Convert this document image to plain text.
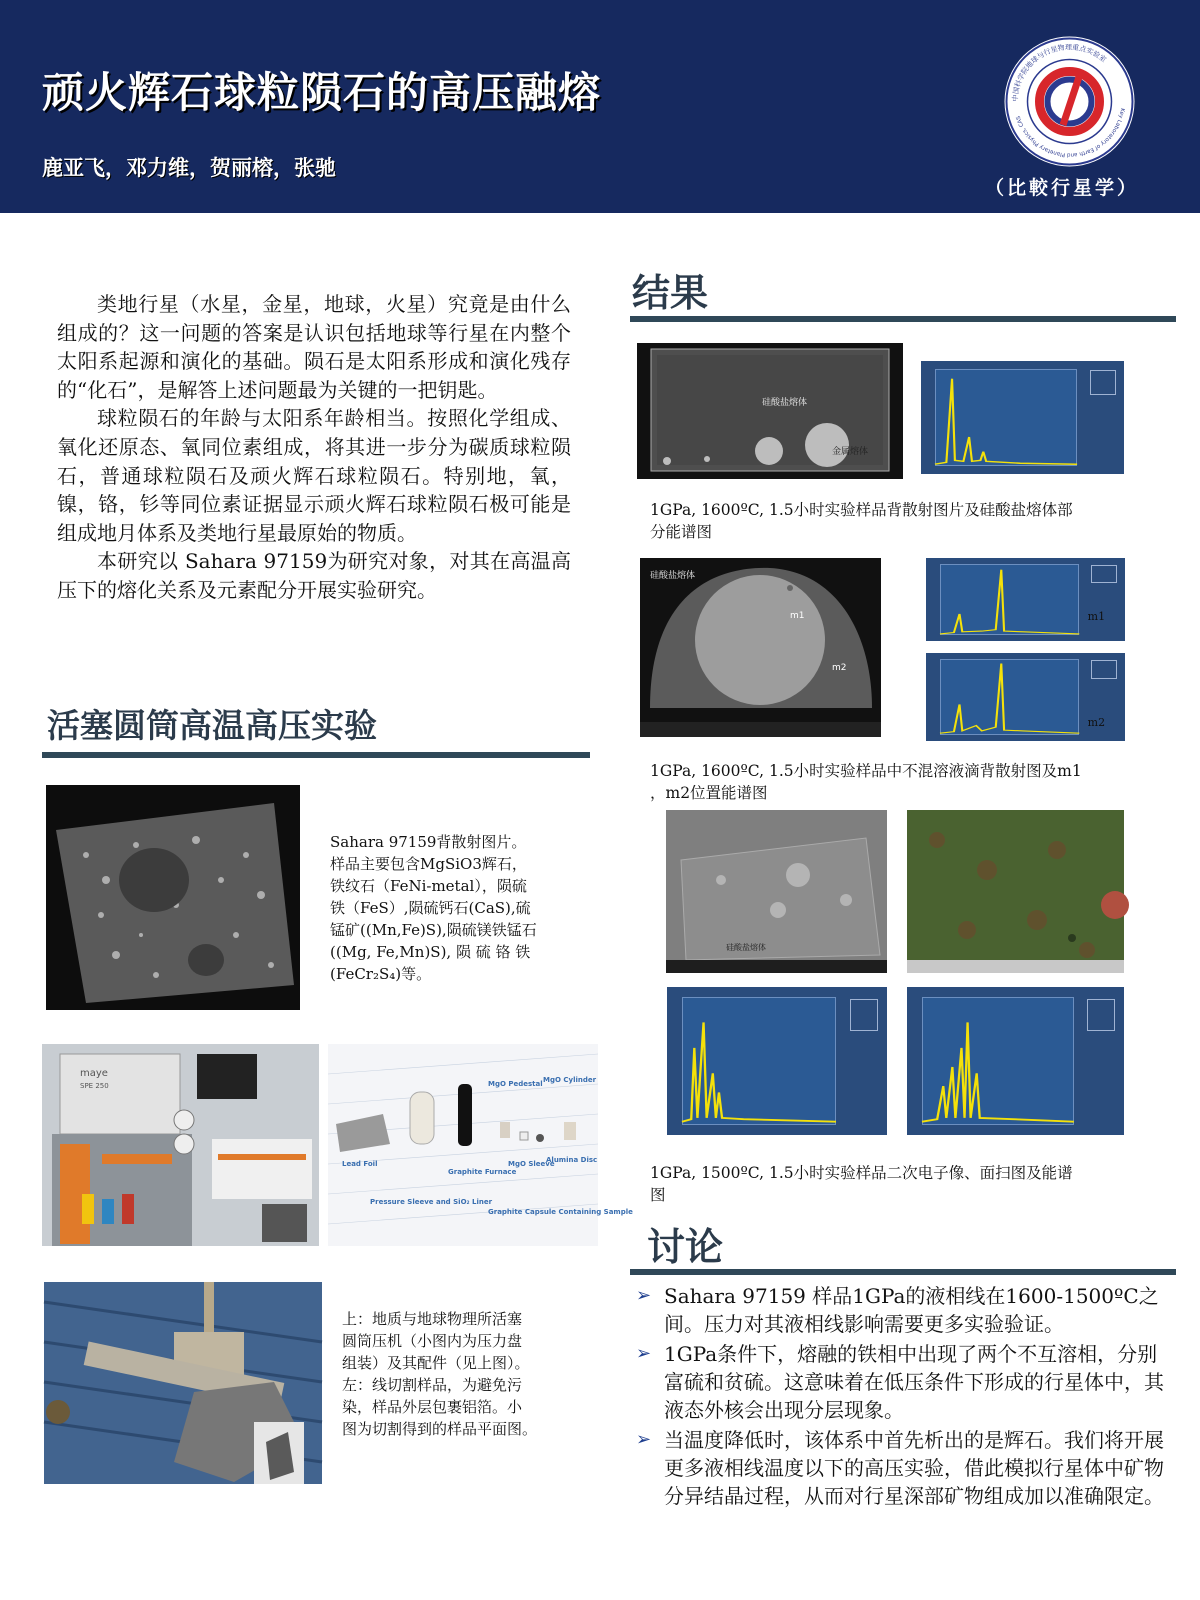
顽火辉石球粒陨石的高压融熔
鹿亚飞，邓力维，贺丽榕，张驰
（比較行星学）
中国科学院地球与行星物理重点实验室
Key Laboratory of Earth and Planetary Physics, CAS

类地行星（水星，金星，地球，火星）究竟是由什么组成的？这一问题的答案是认识包括地球等行星在内整个太阳系起源和演化的基础。陨石是太阳系形成和演化残存的“化石”，是解答上述问题最为关键的一把钥匙。

球粒陨石的年龄与太阳系年龄相当。按照化学组成、氧化还原态、氧同位素组成，将其进一步分为碳质球粒陨石，普通球粒陨石及顽火辉石球粒陨石。特别地，氧，镍，铬，钐等同位素证据显示顽火辉石球粒陨石极可能是组成地月体系及类地行星最原始的物质。

本研究以 Sahara 97159为研究对象，对其在高温高压下的熔化关系及元素配分开展实验研究。

活塞圆筒高温高压实验
Sahara 97159背散射图片。
样品主要包含MgSiO3辉石，
铁纹石（FeNi-metal），陨硫
铁（FeS）,陨硫钙石(CaS),硫
锰矿((Mn,Fe)S),陨硫镁铁锰石
((Mg, Fe,Mn)S), 陨 硫 铬 铁
(FeCr₂S₄)等。
maye
SPE 250	MgO Pedestal MgO Cylinder
Lead Foil
Graphite Furnace
MgO Sleeve
Alumina Disc
Pressure Sleeve and SiO₂ Liner
Graphite Capsule Containing Sample
上：地质与地球物理所活塞
圆筒压机（小图内为压力盘
组装）及其配件（见上图）。
左：线切割样品，为避免污
染，样品外层包裹铝箔。小
图为切割得到的样品平面图。
结果
硅酸盐熔体
金属熔体
1GPa, 1600ºC, 1.5小时实验样品背散射图片及硅酸盐熔体部
分能谱图
硅酸盐熔体
m1
m2
m1
m2
1GPa, 1600ºC, 1.5小时实验样品中不混溶液滴背散射图及m1
，m2位置能谱图
硅酸盐熔体
1GPa, 1500ºC, 1.5小时实验样品二次电子像、面扫图及能谱
图
讨论
➢ Sahara 97159 样品1GPa的液相线在1600-1500ºC之间。压力对其液相线影响需要更多实验验证。
➢ 1GPa条件下，熔融的铁相中出现了两个不互溶相，分别富硫和贫硫。这意味着在低压条件下形成的行星体中，其液态外核会出现分层现象。
➢ 当温度降低时，该体系中首先析出的是辉石。我们将开展更多液相线温度以下的高压实验，借此模拟行星体中矿物分异结晶过程，从而对行星深部矿物组成加以准确限定。
